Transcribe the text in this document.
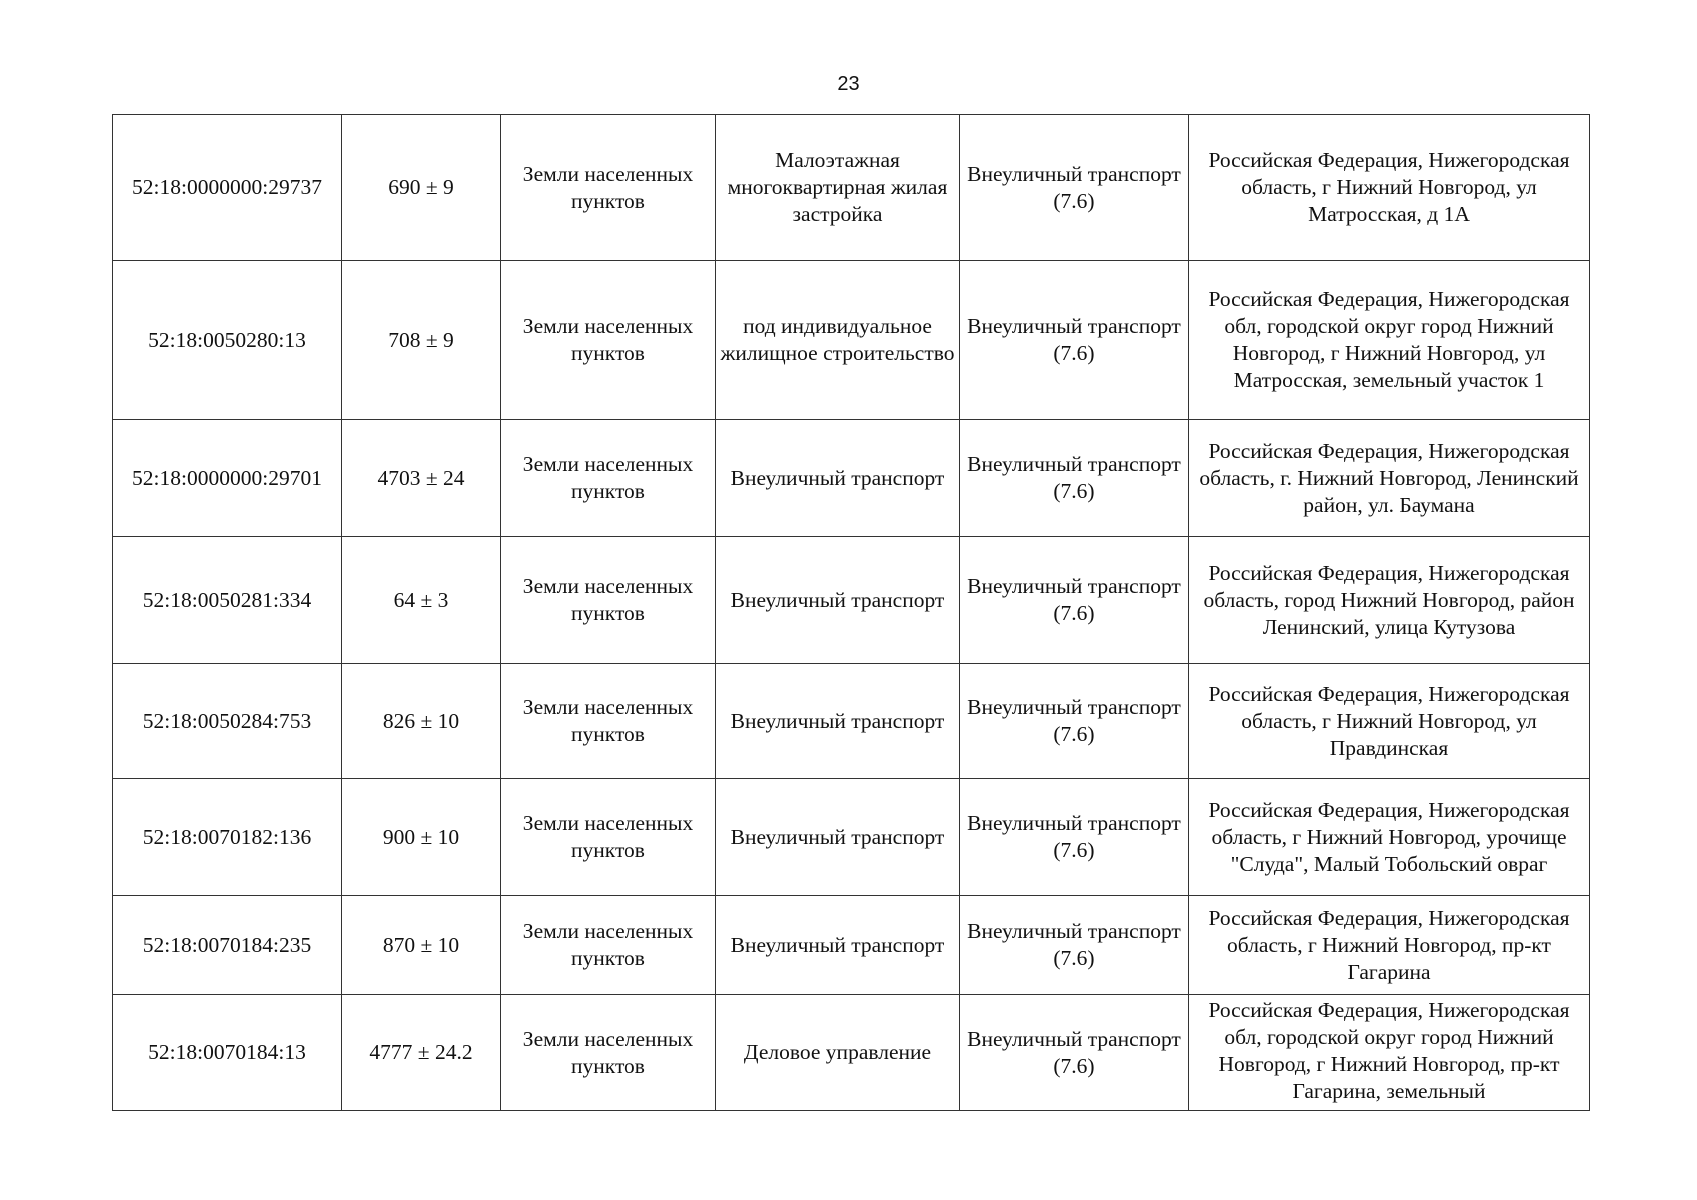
23
52:18:0000000:29737	690 ± 9	Земли населенных пунктов	Малоэтажная многоквартирная жилая застройка	Внеуличный транспорт (7.6)	Российская Федерация, Нижегородская область, г Нижний Новгород, ул Матросская, д 1А
52:18:0050280:13	708 ± 9	Земли населенных пунктов	под индивидуальное жилищное строительство	Внеуличный транспорт (7.6)	Российская Федерация, Нижегородская обл, городской округ город Нижний Новгород, г Нижний Новгород, ул Матросская, земельный участок 1
52:18:0000000:29701	4703 ± 24	Земли населенных пунктов	Внеуличный транспорт	Внеуличный транспорт (7.6)	Российская Федерация, Нижегородская область, г. Нижний Новгород, Ленинский район, ул. Баумана
52:18:0050281:334	64 ± 3	Земли населенных пунктов	Внеуличный транспорт	Внеуличный транспорт (7.6)	Российская Федерация, Нижегородская область, город Нижний Новгород, район Ленинский, улица Кутузова
52:18:0050284:753	826 ± 10	Земли населенных пунктов	Внеуличный транспорт	Внеуличный транспорт (7.6)	Российская Федерация, Нижегородская область, г Нижний Новгород, ул Правдинская
52:18:0070182:136	900 ± 10	Земли населенных пунктов	Внеуличный транспорт	Внеуличный транспорт (7.6)	Российская Федерация, Нижегородская область, г Нижний Новгород, урочище "Слуда", Малый Тобольский овраг
52:18:0070184:235	870 ± 10	Земли населенных пунктов	Внеуличный транспорт	Внеуличный транспорт (7.6)	Российская Федерация, Нижегородская область, г Нижний Новгород, пр-кт Гагарина
52:18:0070184:13	4777 ± 24.2	Земли населенных пунктов	Деловое управление	Внеуличный транспорт (7.6)	Российская Федерация, Нижегородская обл, городской округ город Нижний Новгород, г Нижний Новгород, пр-кт Гагарина, земельный
